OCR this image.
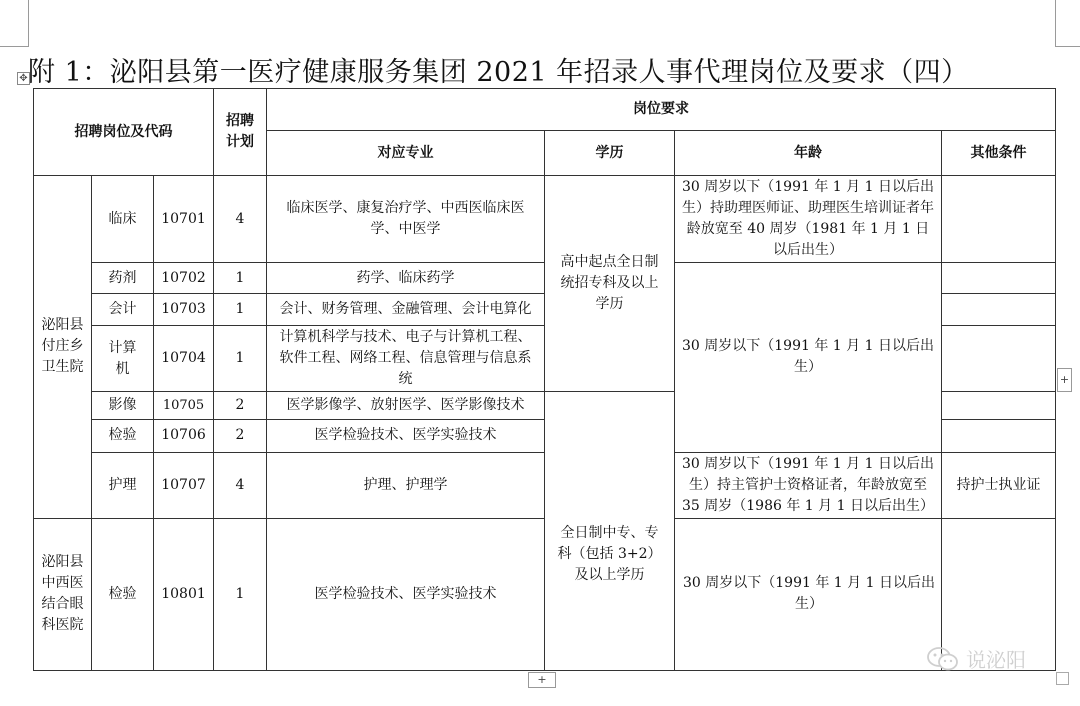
✥ 附 1：泌阳县第一医疗健康服务集团 2021 年招录人事代理岗位及要求（四）
招聘岗位及代码			招聘计划	岗位要求			
				对应专业	学历	年龄	其他条件
泌阳县付庄乡卫生院	临床	10701	4	临床医学、康复治疗学、中西医临床医学、中医学	高中起点全日制统招专科及以上学历	30 周岁以下（1991 年 1 月 1 日以后出生）持助理医师证、助理医生培训证者年龄放宽至 40 周岁（1981 年 1 月 1 日以后出生）	
	药剂	10702	1	药学、临床药学		30 周岁以下（1991 年 1 月 1 日以后出生）	
	会计	10703	1	会计、财务管理、金融管理、会计电算化			
	计算机	10704	1	计算机科学与技术、电子与计算机工程、软件工程、网络工程、信息管理与信息系统			
	影像	10705	2	医学影像学、放射医学、医学影像技术	全日制中专、专科（包括 3+2）及以上学历		
	检验	10706	2	医学检验技术、医学实验技术			
	护理	10707	4	护理、护理学		30 周岁以下（1991 年 1 月 1 日以后出生）持主管护士资格证者，年龄放宽至 35 周岁（1986 年 1 月 1 日以后出生）	持护士执业证
泌阳县中西医结合眼科医院	检验	10801	1	医学检验技术、医学实验技术		30 周岁以下（1991 年 1 月 1 日以后出生）	
+
+
说泌阳
